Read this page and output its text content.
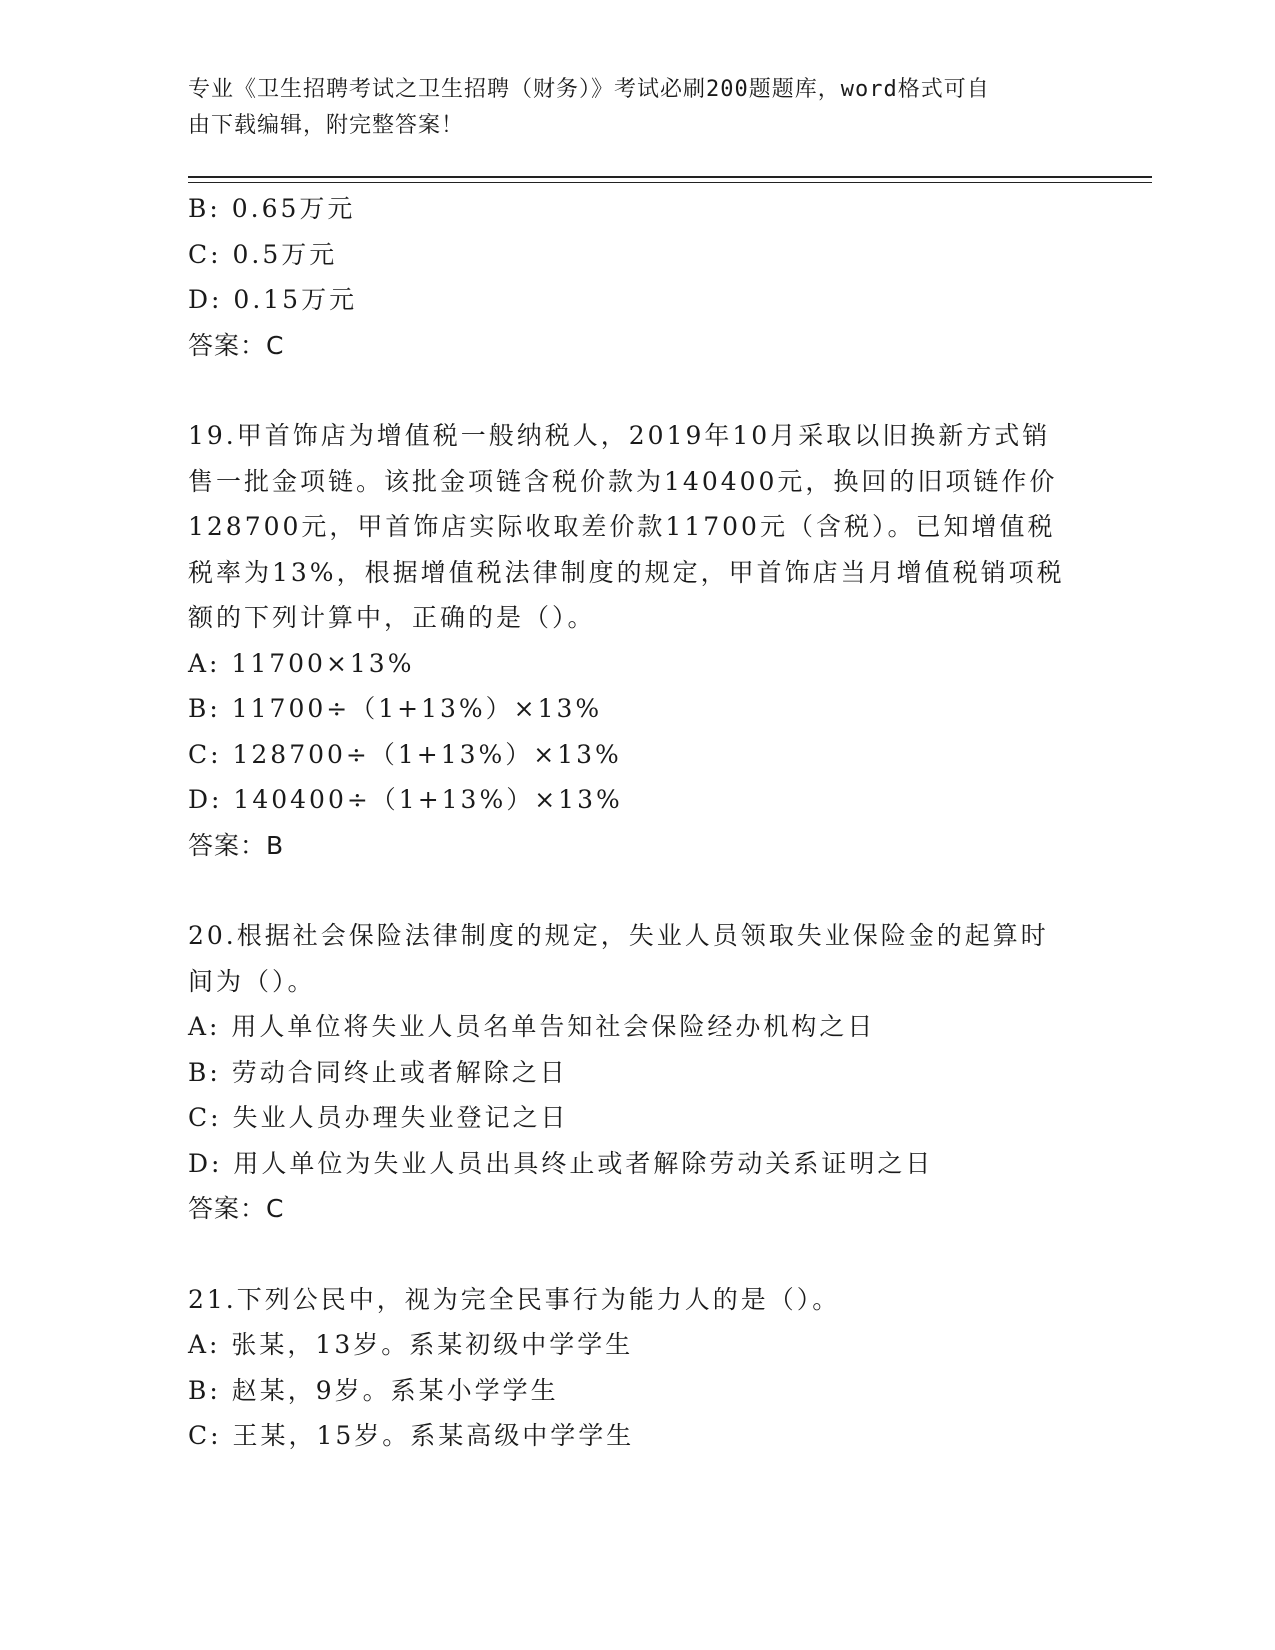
专业《卫生招聘考试之卫生招聘（财务）》考试必刷200题题库，word格式可自
由下载编辑，附完整答案！
B: 0.65万元
C: 0.5万元
D: 0.15万元
答案：C
19.甲首饰店为增值税一般纳税人，2019年10月采取以旧换新方式销
售一批金项链。该批金项链含税价款为140400元，换回的旧项链作价
128700元，甲首饰店实际收取差价款11700元（含税）。已知增值税
税率为13%，根据增值税法律制度的规定，甲首饰店当月增值税销项税
额的下列计算中，正确的是（）。
A: 11700×13%
B: 11700÷（1+13%）×13%
C: 128700÷（1+13%）×13%
D: 140400÷（1+13%）×13%
答案：B
20.根据社会保险法律制度的规定，失业人员领取失业保险金的起算时
间为（）。
A: 用人单位将失业人员名单告知社会保险经办机构之日
B: 劳动合同终止或者解除之日
C: 失业人员办理失业登记之日
D: 用人单位为失业人员出具终止或者解除劳动关系证明之日
答案：C
21.下列公民中，视为完全民事行为能力人的是（）。
A: 张某，13岁。系某初级中学学生
B: 赵某，9岁。系某小学学生
C: 王某，15岁。系某高级中学学生
